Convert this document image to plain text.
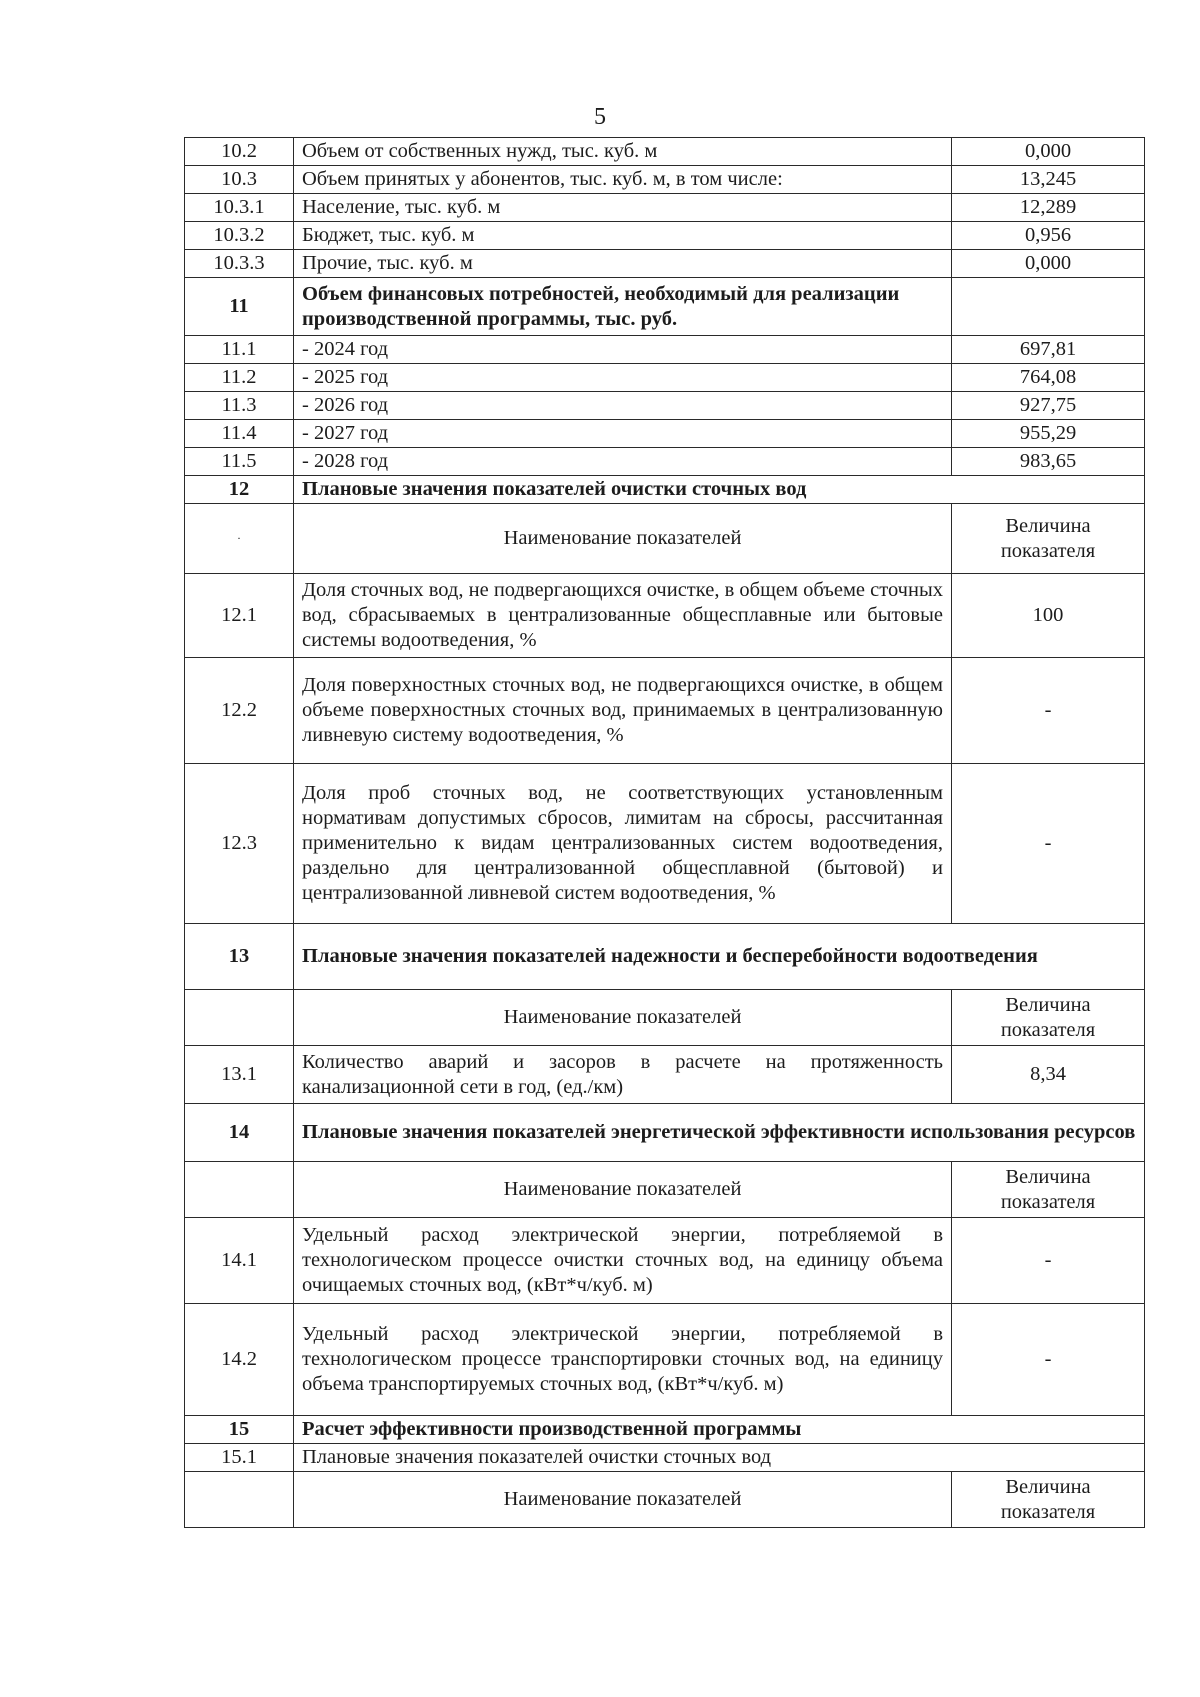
5
10.2	Объем от собственных нужд, тыс. куб. м	0,000
10.3	Объем принятых у абонентов, тыс. куб. м, в том числе:	13,245
10.3.1	Население, тыс. куб. м	12,289
10.3.2	Бюджет, тыс. куб. м	0,956
10.3.3	Прочие, тыс. куб. м	0,000
11	Объем финансовых потребностей, необходимый для реализации производственной программы, тыс. руб.	
11.1	- 2024 год	697,81
11.2	- 2025 год	764,08
11.3	- 2026 год	927,75
11.4	- 2027 год	955,29
11.5	- 2028 год	983,65
12	Плановые значения показателей очистки сточных вод	
·	Наименование показателей	Величина показателя
12.1	Доля сточных вод, не подвергающихся очистке, в общем объеме сточных вод, сбрасываемых в централизованные общесплавные или бытовые системы водоотведения, %	100
12.2	Доля поверхностных сточных вод, не подвергающихся очистке, в общем объеме поверхностных сточных вод, принимаемых в централизованную ливневую систему водоотведения, %	-
12.3	Доля проб сточных вод, не соответствующих установленным нормативам допустимых сбросов, лимитам на сбросы, рассчитанная применительно к видам централизованных систем водоотведения, раздельно для централизованной общесплавной (бытовой) и централизованной ливневой систем водоотведения, %	-
13	Плановые значения показателей надежности и бесперебойности водоотведения	
	Наименование показателей	Величина показателя
13.1	Количество аварий и засоров в расчете на протяженность канализационной сети в год, (ед./км)	8,34
14	Плановые значения показателей энергетической эффективности использования ресурсов	
	Наименование показателей	Величина показателя
14.1	Удельный расход электрической энергии, потребляемой в технологическом процессе очистки сточных вод, на единицу объема очищаемых сточных вод, (кВт*ч/куб. м)	-
14.2	Удельный расход электрической энергии, потребляемой в технологическом процессе транспортировки сточных вод, на единицу объема транспортируемых сточных вод, (кВт*ч/куб. м)	-
15	Расчет эффективности производственной программы	
15.1	Плановые значения показателей очистки сточных вод	
	Наименование показателей	Величина показателя
